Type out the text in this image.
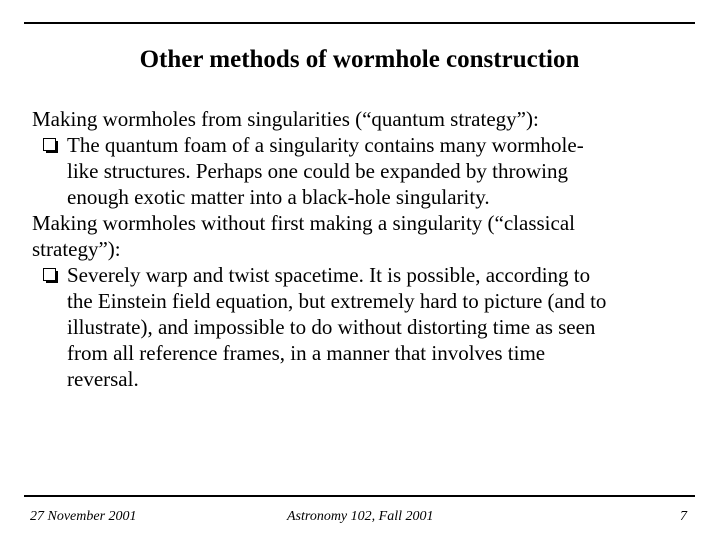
Other methods of wormhole construction

Making wormholes from singularities (“quantum strategy”):

The quantum foam of a singularity contains many wormhole-
like structures. Perhaps one could be expanded by throwing
enough exotic matter into a black-hole singularity.

Making wormholes without first making a singularity (“classical

strategy”):

Severely warp and twist spacetime. It is possible, according to
the Einstein field equation, but extremely hard to picture (and to
illustrate), and impossible to do without distorting time as seen
from all reference frames, in a manner that involves time
reversal.
27 November 2001	Astronomy 102, Fall 2001	7
